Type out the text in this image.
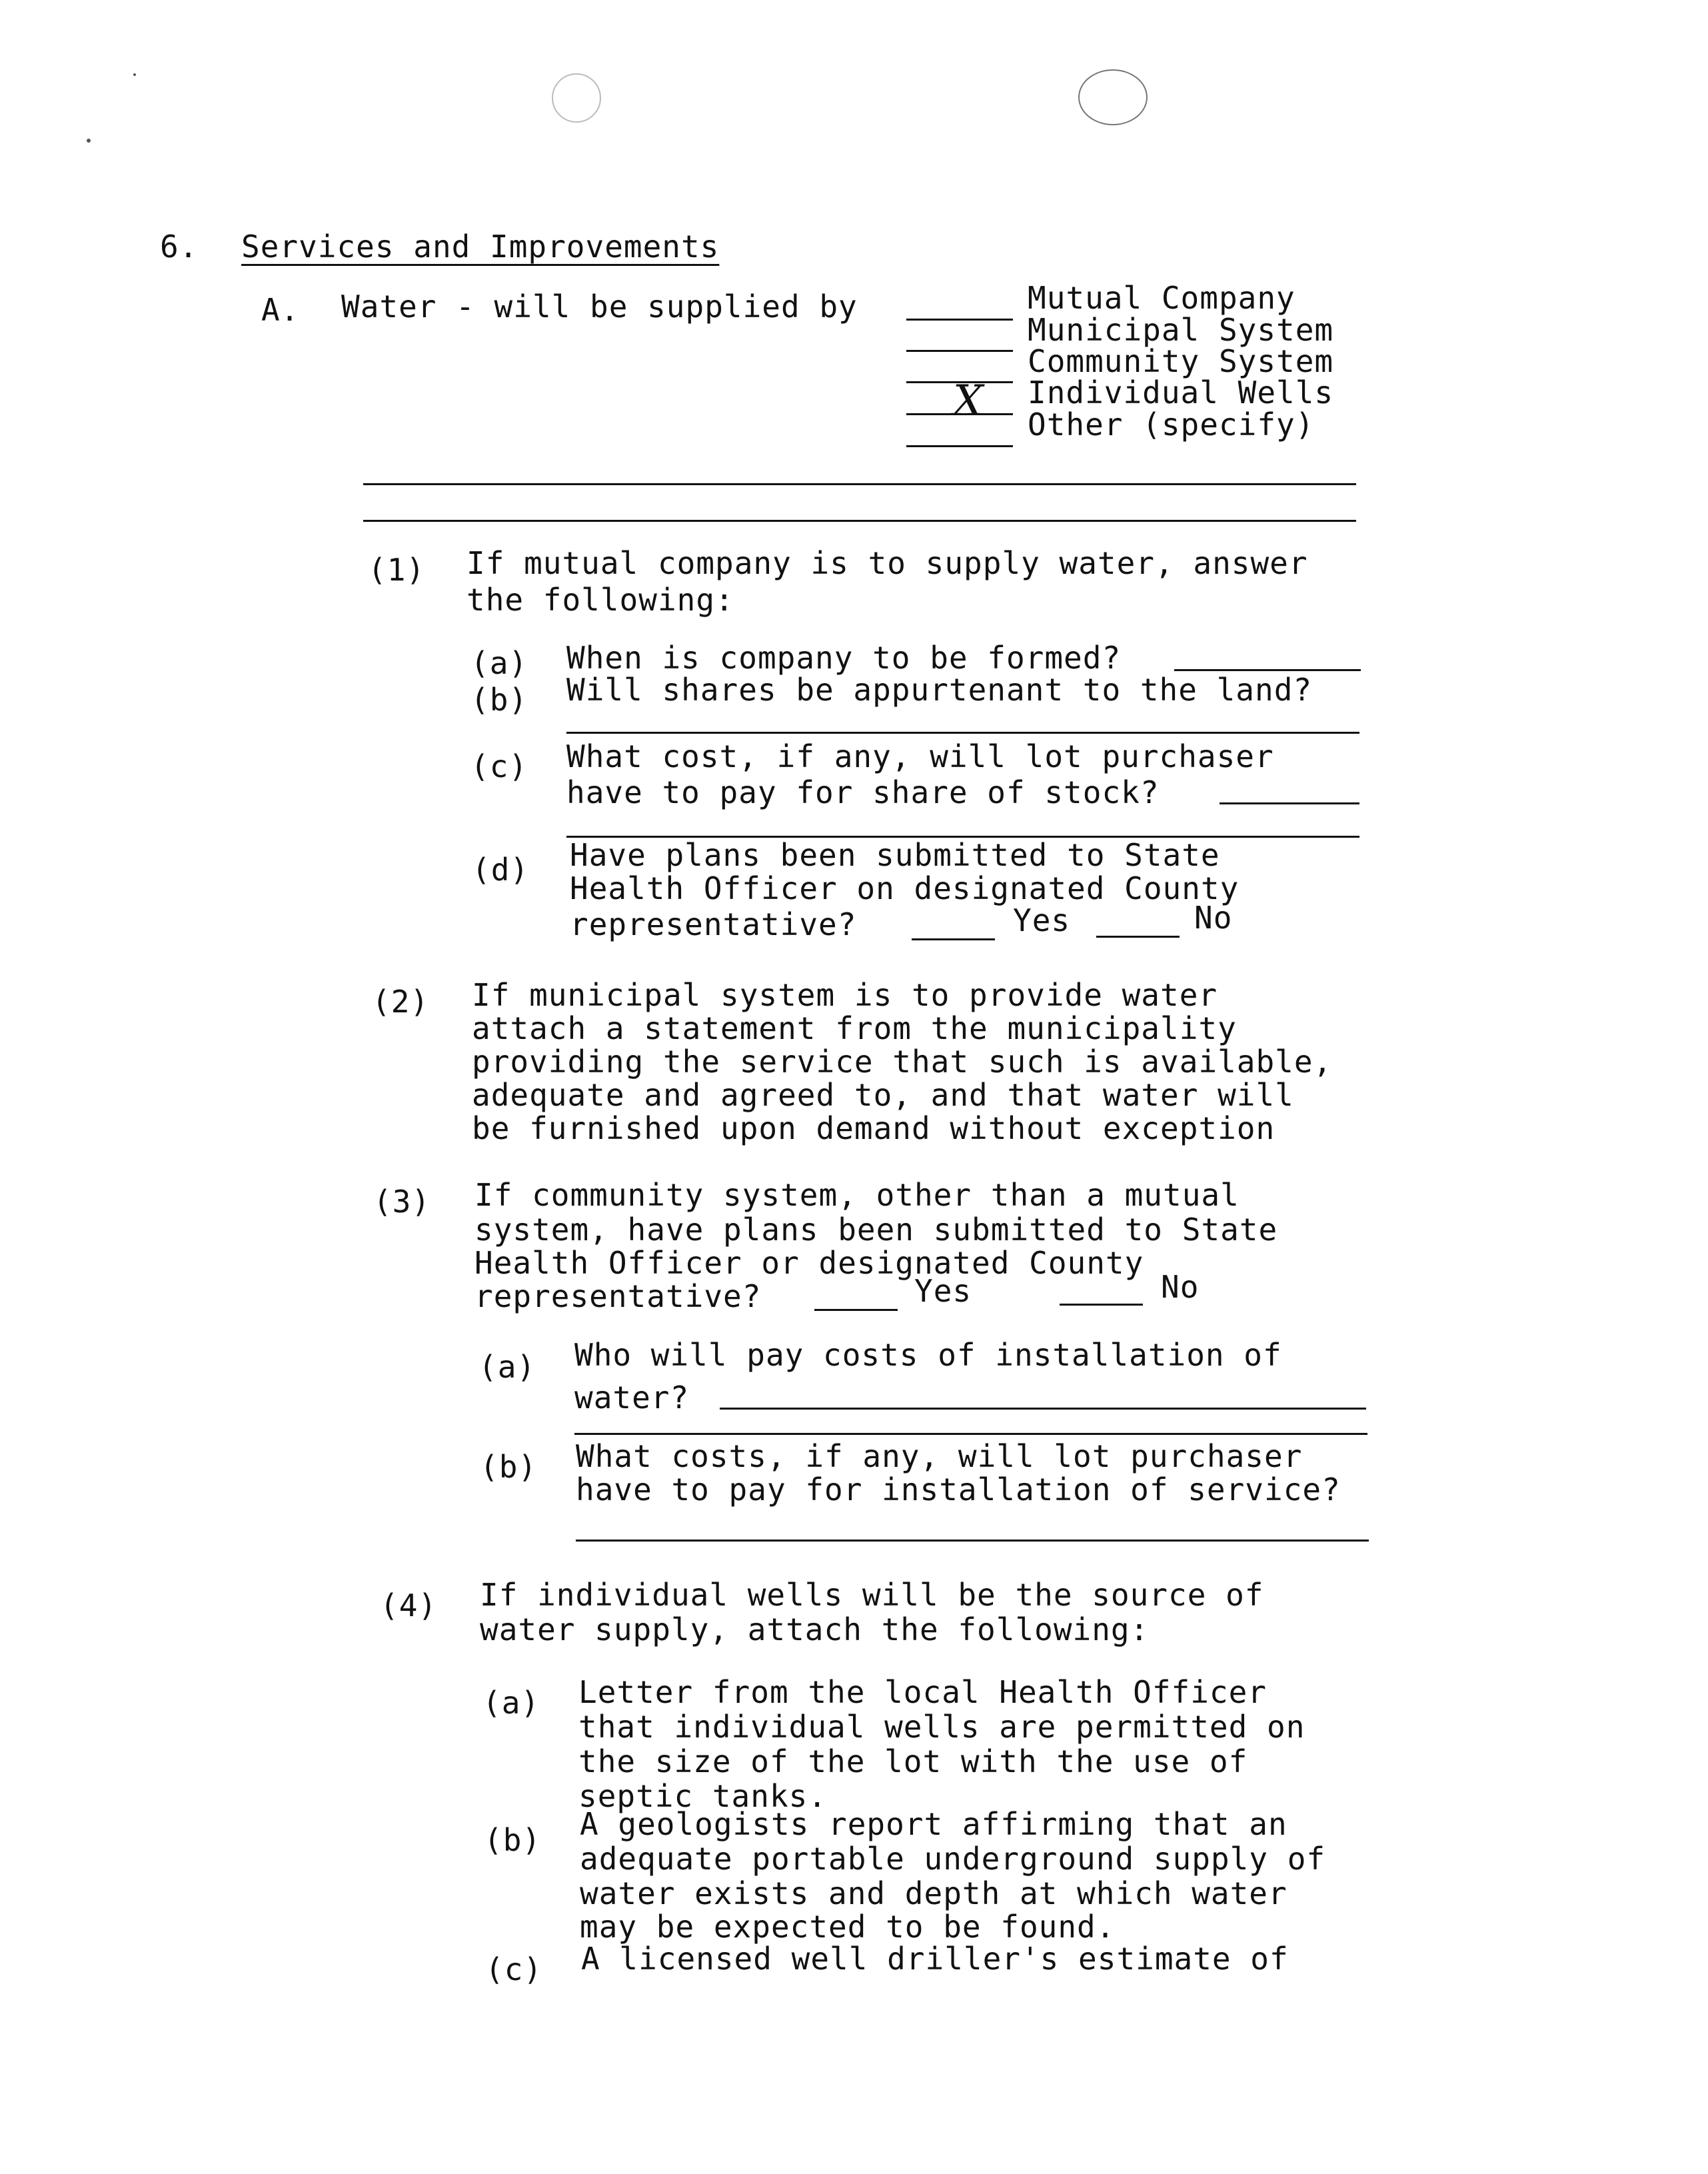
6. Services and Improvements
A. Water - will be supplied by	Mutual Company
Municipal System
Community System
X Individual Wells
Other (specify)
(1) If mutual company is to supply water, answer
the following:
(a) When is company to be formed?
(b) Will shares be appurtenant to the land?
(c) What cost, if any, will lot purchaser
have to pay for share of stock?
(d) Have plans been submitted to State
Health Officer on designated County
representative?	Yes	No
(2) If municipal system is to provide water
attach a statement from the municipality
providing the service that such is available,
adequate and agreed to, and that water will
be furnished upon demand without exception
(3) If community system, other than a mutual
system, have plans been submitted to State
Health Officer or designated County
representative?	Yes	No
(a) Who will pay costs of installation of
water?
(b) What costs, if any, will lot purchaser
have to pay for installation of service?
(4) If individual wells will be the source of
water supply, attach the following:
(a) Letter from the local Health Officer
that individual wells are permitted on
the size of the lot with the use of
septic tanks.
(b) A geologists report affirming that an
adequate portable underground supply of
water exists and depth at which water
may be expected to be found.
(c) A licensed well driller's estimate of
